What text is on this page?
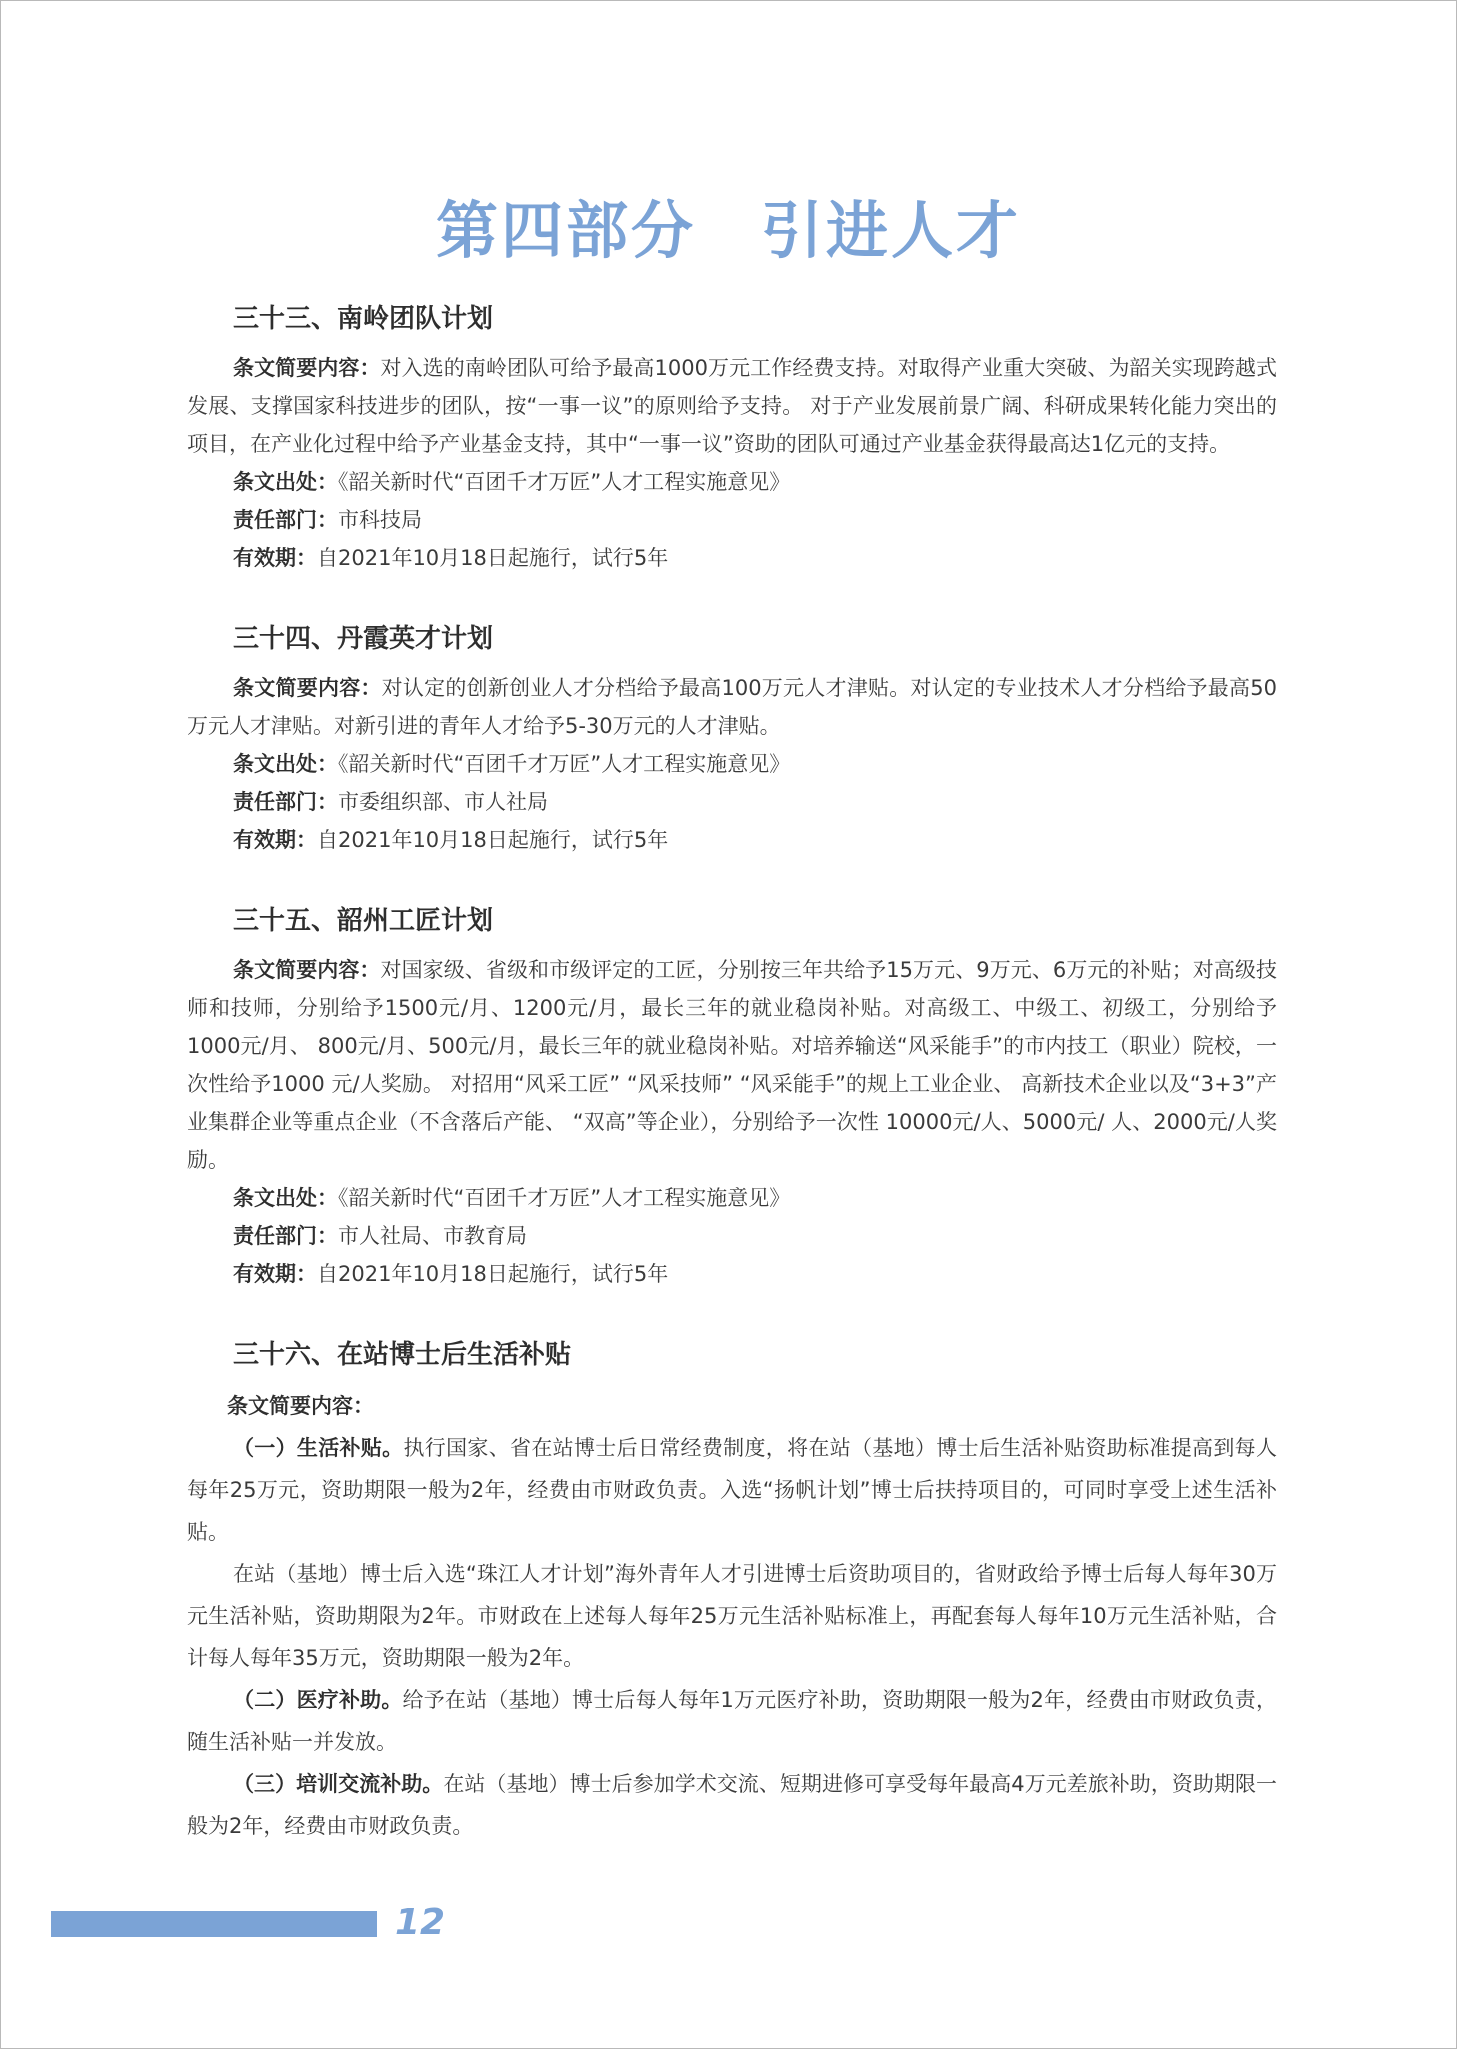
第四部分　引进人才
三十三、南岭团队计划

条文简要内容：对入选的南岭团队可给予最高1000万元工作经费支持。对取得产业重大突破、为韶关实现跨越式发展、支撑国家科技进步的团队，按“一事一议”的原则给予支持。 对于产业发展前景广阔、科研成果转化能力突出的项目，在产业化过程中给予产业基金支持，其中“一事一议”资助的团队可通过产业基金获得最高达1亿元的支持。

条文出处：《韶关新时代“百团千才万匠”人才工程实施意见》

责任部门：市科技局

有效期：自2021年10月18日起施行，试行5年

三十四、丹霞英才计划

条文简要内容：对认定的创新创业人才分档给予最高100万元人才津贴。对认定的专业技术人才分档给予最高50万元人才津贴。对新引进的青年人才给予5-30万元的人才津贴。

条文出处：《韶关新时代“百团千才万匠”人才工程实施意见》

责任部门：市委组织部、市人社局

有效期：自2021年10月18日起施行，试行5年

三十五、韶州工匠计划

条文简要内容：对国家级、省级和市级评定的工匠，分别按三年共给予15万元、9万元、6万元的补贴；对高级技师和技师，分别给予1500元/月、1200元/月，最长三年的就业稳岗补贴。对高级工、中级工、初级工，分别给予1000元/月、 800元/月、500元/月，最长三年的就业稳岗补贴。对培养输送“风采能手”的市内技工（职业）院校，一次性给予1000 元/人奖励。 对招用“风采工匠” “风采技师” “风采能手”的规上工业企业、 高新技术企业以及“3+3”产业集群企业等重点企业（不含落后产能、 “双高”等企业），分别给予一次性 10000元/人、5000元/ 人、2000元/人奖励。

条文出处：《韶关新时代“百团千才万匠”人才工程实施意见》

责任部门：市人社局、市教育局

有效期：自2021年10月18日起施行，试行5年

三十六、在站博士后生活补贴

条文简要内容：

（一）生活补贴。执行国家、省在站博士后日常经费制度，将在站（基地）博士后生活补贴资助标准提高到每人每年25万元，资助期限一般为2年，经费由市财政负责。入选“扬帆计划”博士后扶持项目的，可同时享受上述生活补贴。

在站（基地）博士后入选“珠江人才计划”海外青年人才引进博士后资助项目的，省财政给予博士后每人每年30万元生活补贴，资助期限为2年。市财政在上述每人每年25万元生活补贴标准上，再配套每人每年10万元生活补贴，合计每人每年35万元，资助期限一般为2年。

（二）医疗补助。给予在站（基地）博士后每人每年1万元医疗补助，资助期限一般为2年，经费由市财政负责，随生活补贴一并发放。

（三）培训交流补助。在站（基地）博士后参加学术交流、短期进修可享受每年最高4万元差旅补助，资助期限一般为2年，经费由市财政负责。

12
